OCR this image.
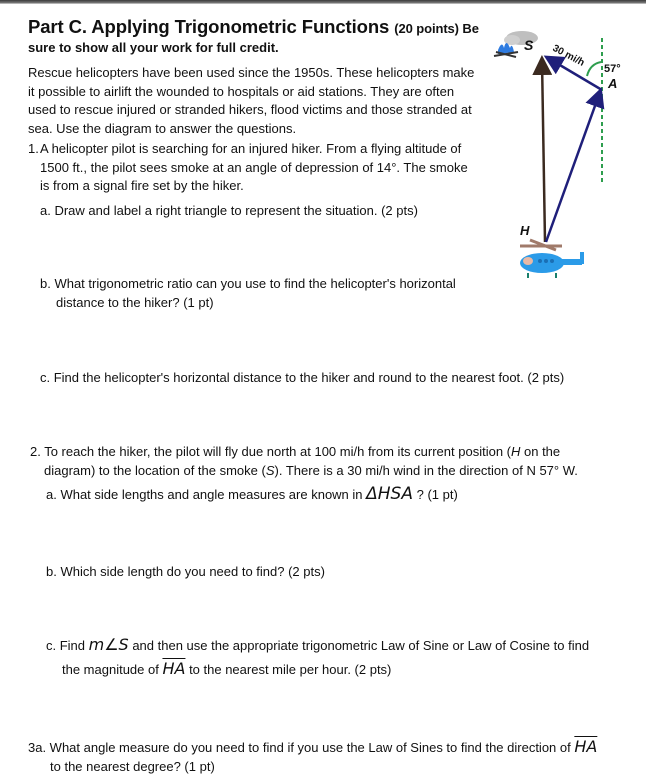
Part C. Applying Trigonometric Functions (20 points) Be
sure to show all your work for full credit.
Rescue helicopters have been used since the 1950s. These helicopters make
it possible to airlift the wounded to hospitals or aid stations. They are often
used to rescue injured or stranded hikers, flood victims and those stranded at
sea. Use the diagram to answer the questions.
1. A helicopter pilot is searching for an injured hiker. From a flying altitude of
1500 ft., the pilot sees smoke at an angle of depression of 14°. The smoke
is from a signal fire set by the hiker.
a. Draw and label a right triangle to represent the situation. (2 pts)
b. What trigonometric ratio can you use to find the helicopter's horizontal
distance to the hiker? (1 pt)
c. Find the helicopter's horizontal distance to the hiker and round to the nearest foot. (2 pts)
2. To reach the hiker, the pilot will fly due north at 100 mi/h from its current position (H on the
diagram) to the location of the smoke (S). There is a 30 mi/h wind in the direction of N 57° W.
a. What side lengths and angle measures are known in ΔHSA ? (1 pt)
b. Which side length do you need to find? (2 pts)
c. Find m∠S and then use the appropriate trigonometric Law of Sine or Law of Cosine to find
the magnitude of $\overline{HA}$ to the nearest mile per hour. (2 pts)
3a. What angle measure do you need to find if you use the Law of Sines to find the direction of $\overline{HA}$
to the nearest degree? (1 pt)
S
A
H
57°
30 mi/h
